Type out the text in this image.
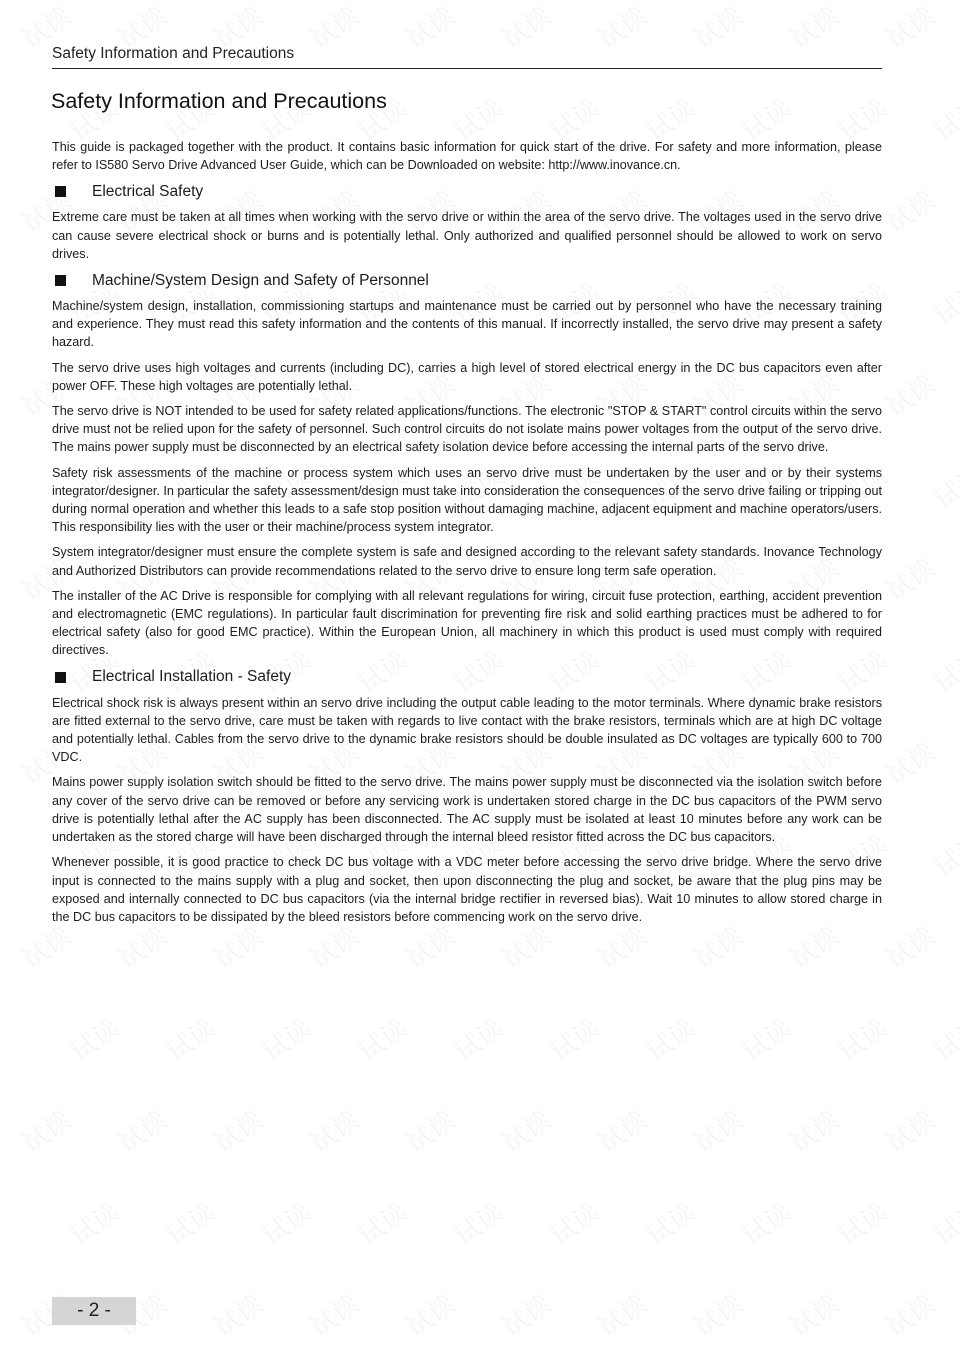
Safety Information and Precautions
Safety Information and Precautions

This guide is packaged together with the product. It contains basic information for quick start of the drive. For safety and more information, please refer to IS580 Servo Drive Advanced User Guide, which can be Downloaded on website: http://www.inovance.cn.

Electrical Safety

Extreme care must be taken at all times when working with the servo drive or within the area of the servo drive. The voltages used in the servo drive can cause severe electrical shock or burns and is potentially lethal. Only authorized and qualified personnel should be allowed to work on servo drives.

Machine/System Design and Safety of Personnel

Machine/system design, installation, commissioning startups and maintenance must be carried out by personnel who have the necessary training and experience. They must read this safety information and the contents of this manual. If incorrectly installed, the servo drive may present a safety hazard.

The servo drive uses high voltages and currents (including DC), carries a high level of stored electrical energy in the DC bus capacitors even after power OFF. These high voltages are potentially lethal.

The servo drive is NOT intended to be used for safety related applications/functions. The electronic "STOP & START" control circuits within the servo drive must not be relied upon for the safety of personnel. Such control circuits do not isolate mains power voltages from the output of the servo drive. The mains power supply must be disconnected by an electrical safety isolation device before accessing the internal parts of the servo drive.

Safety risk assessments of the machine or process system which uses an servo drive must be undertaken by the user and or by their systems integrator/designer. In particular the safety assessment/design must take into consideration the consequences of the servo drive failing or tripping out during normal operation and whether this leads to a safe stop position without damaging machine, adjacent equipment and machine operators/users. This responsibility lies with the user or their machine/process system integrator.

System integrator/designer must ensure the complete system is safe and designed according to the relevant safety standards. Inovance Technology and Authorized Distributors can provide recommendations related to the servo drive to ensure long term safe operation.

The installer of the AC Drive is responsible for complying with all relevant regulations for wiring, circuit fuse protection, earthing, accident prevention and electromagnetic (EMC regulations). In particular fault discrimination for preventing fire risk and solid earthing practices must be adhered to for electrical safety (also for good EMC practice). Within the European Union, all machinery in which this product is used must comply with required directives.

Electrical Installation - Safety

Electrical shock risk is always present within an servo drive including the output cable leading to the motor terminals. Where dynamic brake resistors are fitted external to the servo drive, care must be taken with regards to live contact with the brake resistors, terminals which are at high DC voltage and potentially lethal. Cables from the servo drive to the dynamic brake resistors should be double insulated as DC voltages are typically 600 to 700 VDC.

Mains power supply isolation switch should be fitted to the servo drive. The mains power supply must be disconnected via the isolation switch before any cover of the servo drive can be removed or before any servicing work is undertaken stored charge in the DC bus capacitors of the PWM servo drive is potentially lethal after the AC supply has been disconnected. The AC supply must be isolated at least 10 minutes before any work can be undertaken as the stored charge will have been discharged through the internal bleed resistor fitted across the DC bus capacitors.

Whenever possible, it is good practice to check DC bus voltage with a VDC meter before accessing the servo drive bridge. Where the servo drive input is connected to the mains supply with a plug and socket, then upon disconnecting the plug and socket, be aware that the plug pins may be exposed and internally connected to DC bus capacitors (via the internal bridge rectifier in reversed bias). Wait 10 minutes to allow stored charge in the DC bus capacitors to be dissipated by the bleed resistors before commencing work on the servo drive.

- 2 -
